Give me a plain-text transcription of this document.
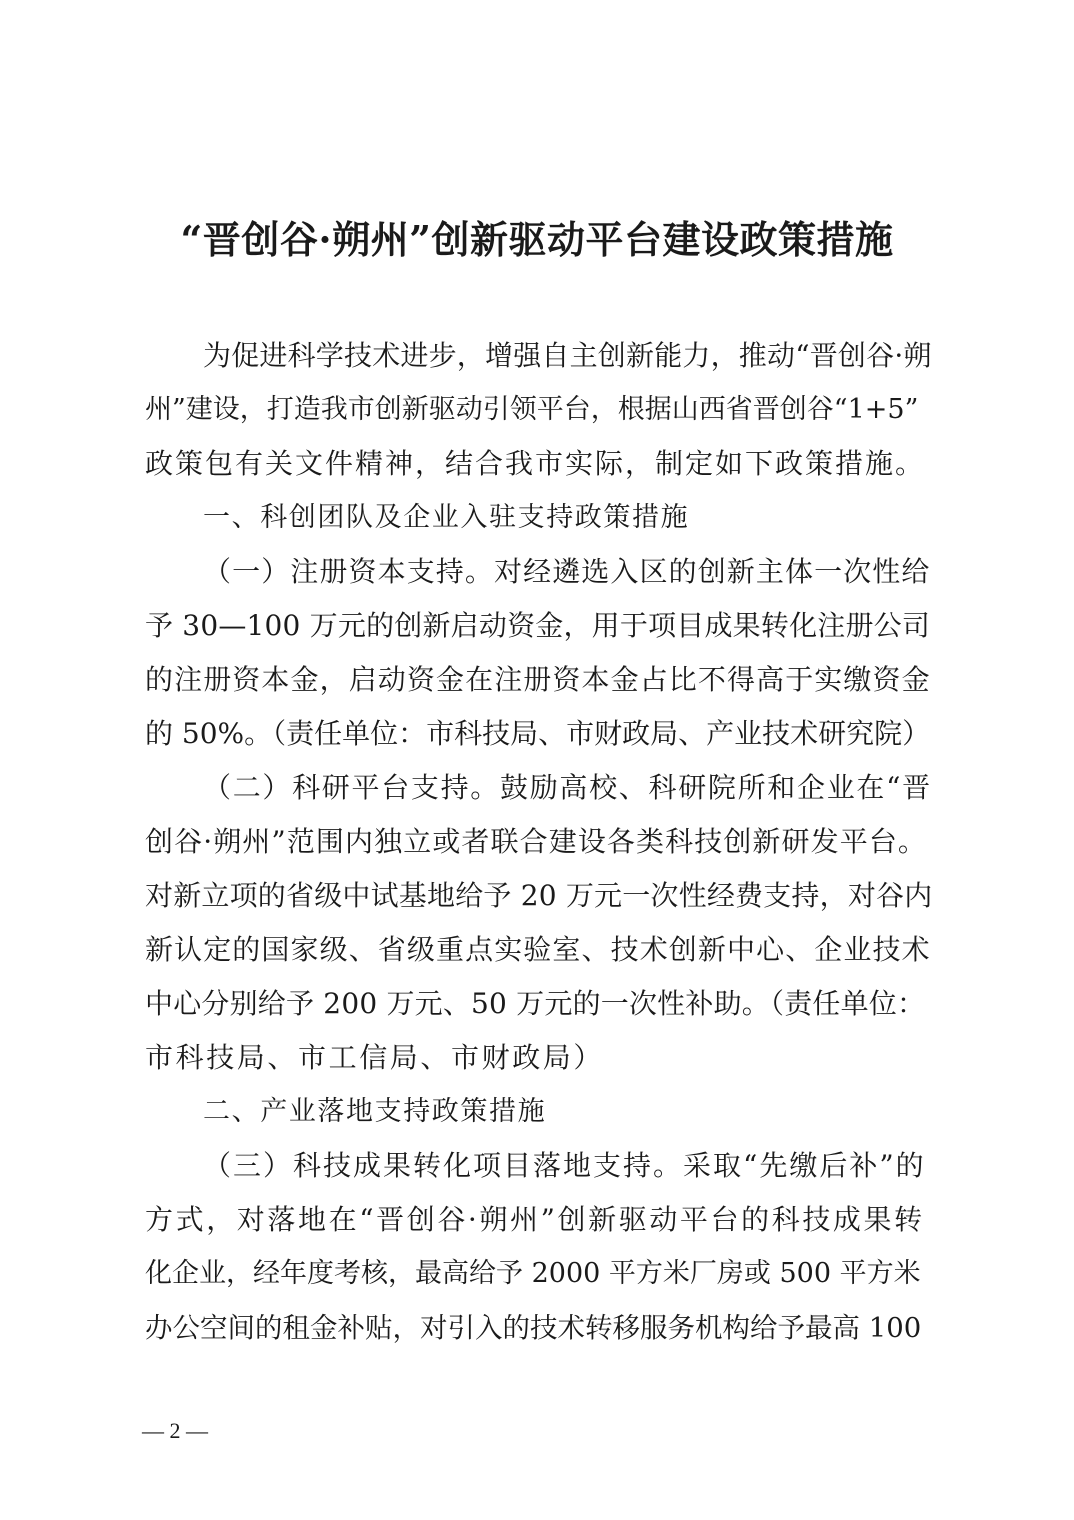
“晋创谷·朔州”创新驱动平台建设政策措施
为促进科学技术进步，增强自主创新能力，推动“晋创谷·朔
州”建设，打造我市创新驱动引领平台，根据山西省晋创谷“1+5”
政策包有关文件精神，结合我市实际，制定如下政策措施。
一、科创团队及企业入驻支持政策措施
（一）注册资本支持。对经遴选入区的创新主体一次性给
予 30—100 万元的创新启动资金，用于项目成果转化注册公司
的注册资本金，启动资金在注册资本金占比不得高于实缴资金
的 50%。（责任单位：市科技局、市财政局、产业技术研究院）
（二）科研平台支持。鼓励高校、科研院所和企业在“晋
创谷·朔州”范围内独立或者联合建设各类科技创新研发平台。
对新立项的省级中试基地给予 20 万元一次性经费支持，对谷内
新认定的国家级、省级重点实验室、技术创新中心、企业技术
中心分别给予 200 万元、50 万元的一次性补助。（责任单位：
市科技局、市工信局、市财政局）
二、产业落地支持政策措施
（三）科技成果转化项目落地支持。采取“先缴后补”的
方式，对落地在“晋创谷·朔州”创新驱动平台的科技成果转
化企业，经年度考核，最高给予 2000 平方米厂房或 500 平方米
办公空间的租金补贴，对引入的技术转移服务机构给予最高 100
— 2 —
